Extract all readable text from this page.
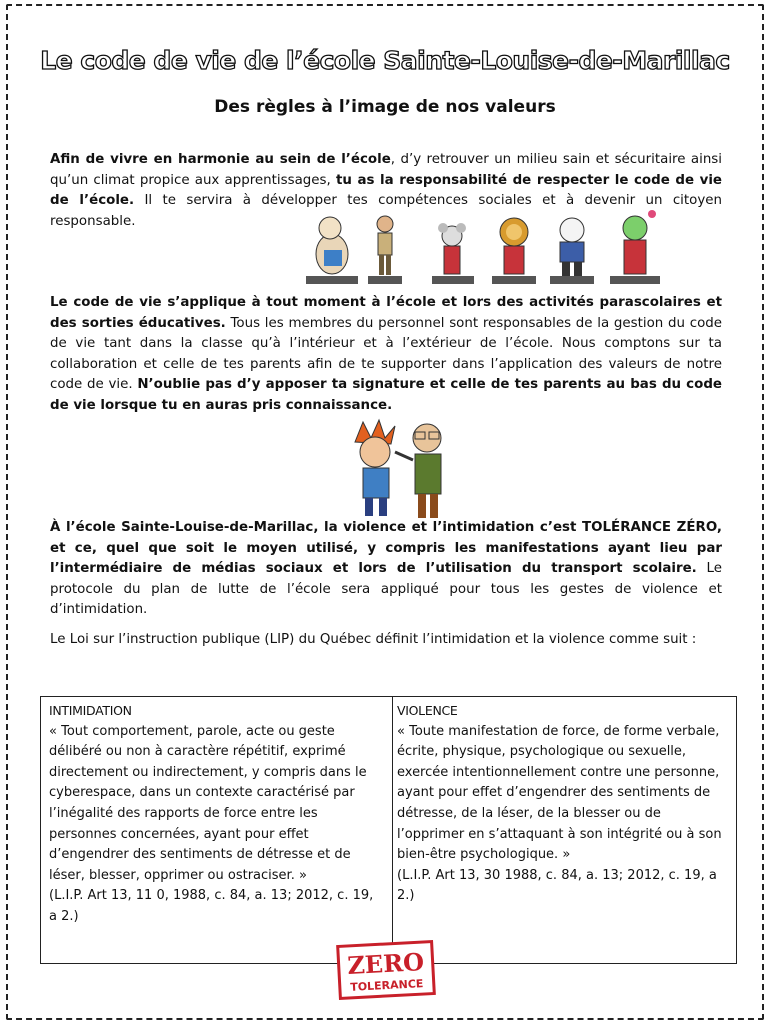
Le code de vie de l’école Sainte-Louise-de-Marillac
Des règles à l’image de nos valeurs

Afin de vivre en harmonie au sein de l’école, d’y retrouver un milieu sain et sécuritaire ainsi qu’un climat propice aux apprentissages, tu as la responsabilité de respecter le code de vie de l’école. Il te servira à développer tes compétences sociales et à devenir un citoyen responsable.

Le code de vie s’applique à tout moment à l’école et lors des activités parascolaires et des sorties éducatives. Tous les membres du personnel sont responsables de la gestion du code de vie tant dans la classe qu’à l’intérieur et à l’extérieur de l’école. Nous comptons sur ta collaboration et celle de tes parents afin de te supporter dans l’application des valeurs de notre code de vie. N’oublie pas d’y apposer ta signature et celle de tes parents au bas du code de vie lorsque tu en auras pris connaissance.

À l’école Sainte-Louise-de-Marillac, la violence et l’intimidation c’est TOLÉRANCE ZÉRO, et ce, quel que soit le moyen utilisé, y compris les manifestations ayant lieu par l’intermédiaire de médias sociaux et lors de l’utilisation du transport scolaire. Le protocole du plan de lutte de l’école sera appliqué pour tous les gestes de violence et d’intimidation.

Le Loi sur l’instruction publique (LIP) du Québec définit l’intimidation et la violence comme suit :

INTIMIDATION
« Tout comportement, parole, acte ou geste délibéré ou non à caractère répétitif, exprimé directement ou indirectement, y compris dans le cyberespace, dans un contexte caractérisé par l’inégalité des rapports de force entre les personnes concernées, ayant pour effet d’engendrer des sentiments de détresse et de léser, blesser, opprimer ou ostraciser. »
(L.I.P. Art 13, 11 0, 1988, c. 84, a. 13; 2012, c. 19, a 2.)
VIOLENCE
« Toute manifestation de force, de forme verbale, écrite, physique, psychologique ou sexuelle, exercée intentionnellement contre une personne, ayant pour effet d’engendrer des sentiments de détresse, de la léser, de la blesser ou de l’opprimer en s’attaquant à son intégrité ou à son bien-être psychologique. »
(L.I.P. Art 13, 30 1988, c. 84, a. 13; 2012, c. 19, a 2.)
ZERO
TOLERANCE
